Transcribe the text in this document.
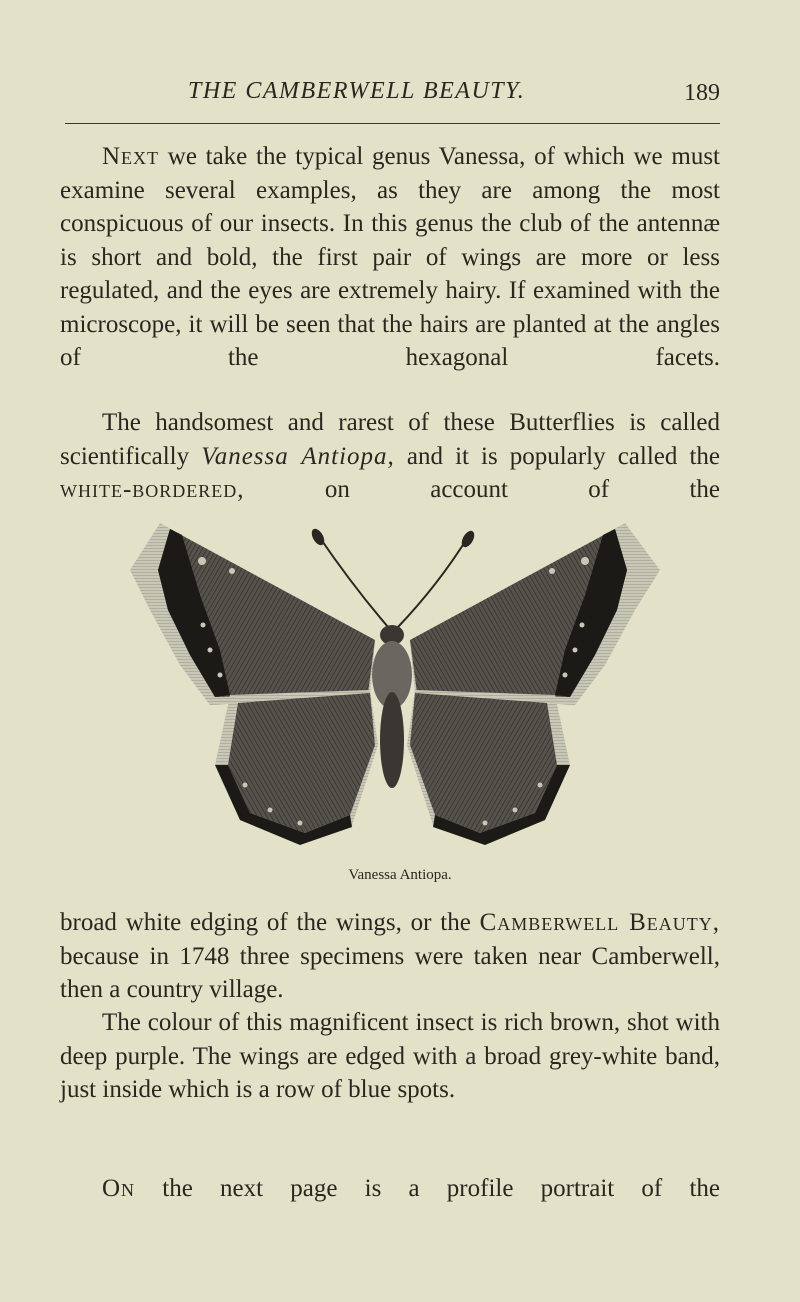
THE CAMBERWELL BEAUTY.	189

Next we take the typical genus Vanessa, of which we must examine several examples, as they are among the most conspicuous of our insects. In this genus the club of the antennæ is short and bold, the first pair of wings are more or less regulated, and the eyes are extremely hairy. If examined with the microscope, it will be seen that the hairs are planted at the angles of the hexagonal facets.

The handsomest and rarest of these Butterflies is called scientifically Vanessa Antiopa, and it is popularly called the white-bordered, on account of the

Vanessa Antiopa.

broad white edging of the wings, or the Camberwell Beauty, because in 1748 three specimens were taken near Camberwell, then a country village.

The colour of this magnificent insect is rich brown, shot with deep purple. The wings are edged with a broad grey-white band, just inside which is a row of blue spots.

On the next page is a profile portrait of the
